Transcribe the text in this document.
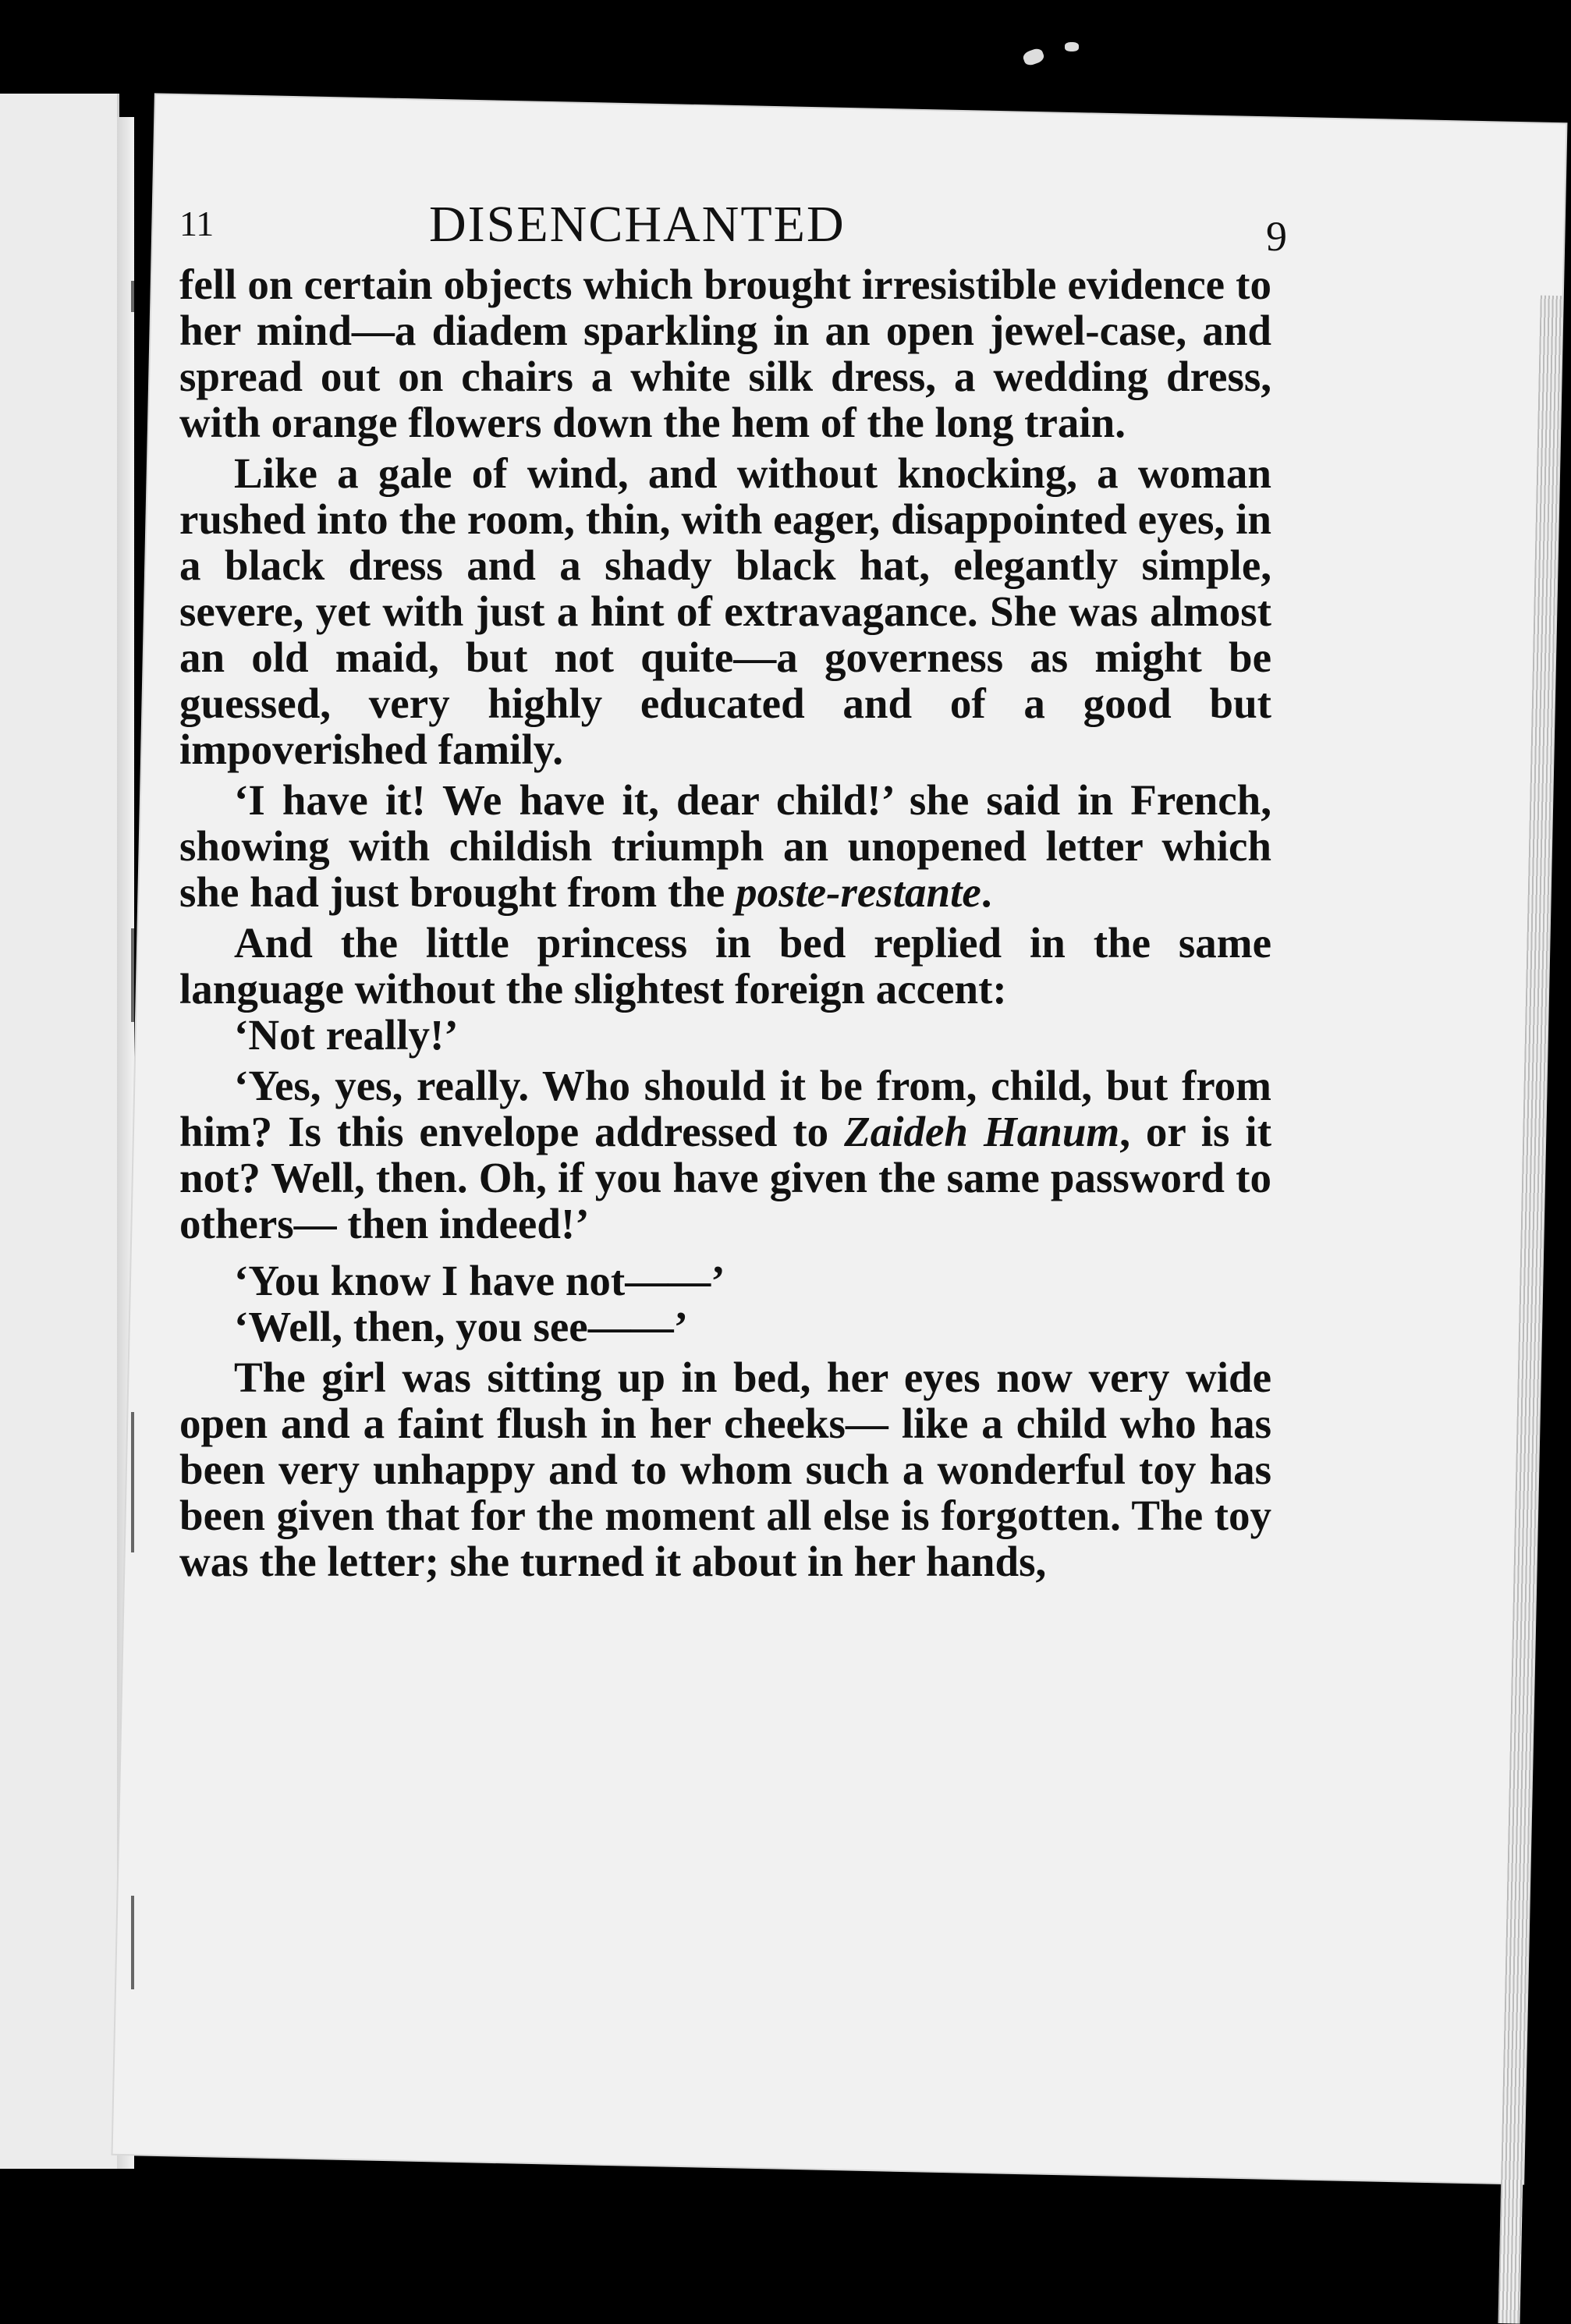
11	DISENCHANTED	9

fell on certain objects which brought irresistible evidence to her mind—a diadem sparkling in an open jewel-case, and spread out on chairs a white silk dress, a wedding dress, with orange flowers down the hem of the long train.

Like a gale of wind, and without knocking, a woman rushed into the room, thin, with eager, disappointed eyes, in a black dress and a shady black hat, elegantly simple, severe, yet with just a hint of extravagance. She was almost an old maid, but not quite—a governess as might be guessed, very highly educated and of a good but impoverished family.

‘I have it! We have it, dear child!’ she said in French, showing with childish triumph an unopened letter which she had just brought from the poste-restante.

And the little princess in bed replied in the same language without the slightest foreign accent:

‘Not really!’

‘Yes, yes, really. Who should it be from, child, but from him? Is this envelope addressed to Zaideh Hanum, or is it not? Well, then. Oh, if you have given the same password to others— then indeed!’

‘You know I have not——’

‘Well, then, you see——’

The girl was sitting up in bed, her eyes now very wide open and a faint flush in her cheeks— like a child who has been very unhappy and to whom such a wonderful toy has been given that for the moment all else is forgotten. The toy was the letter; she turned it about in her hands,
